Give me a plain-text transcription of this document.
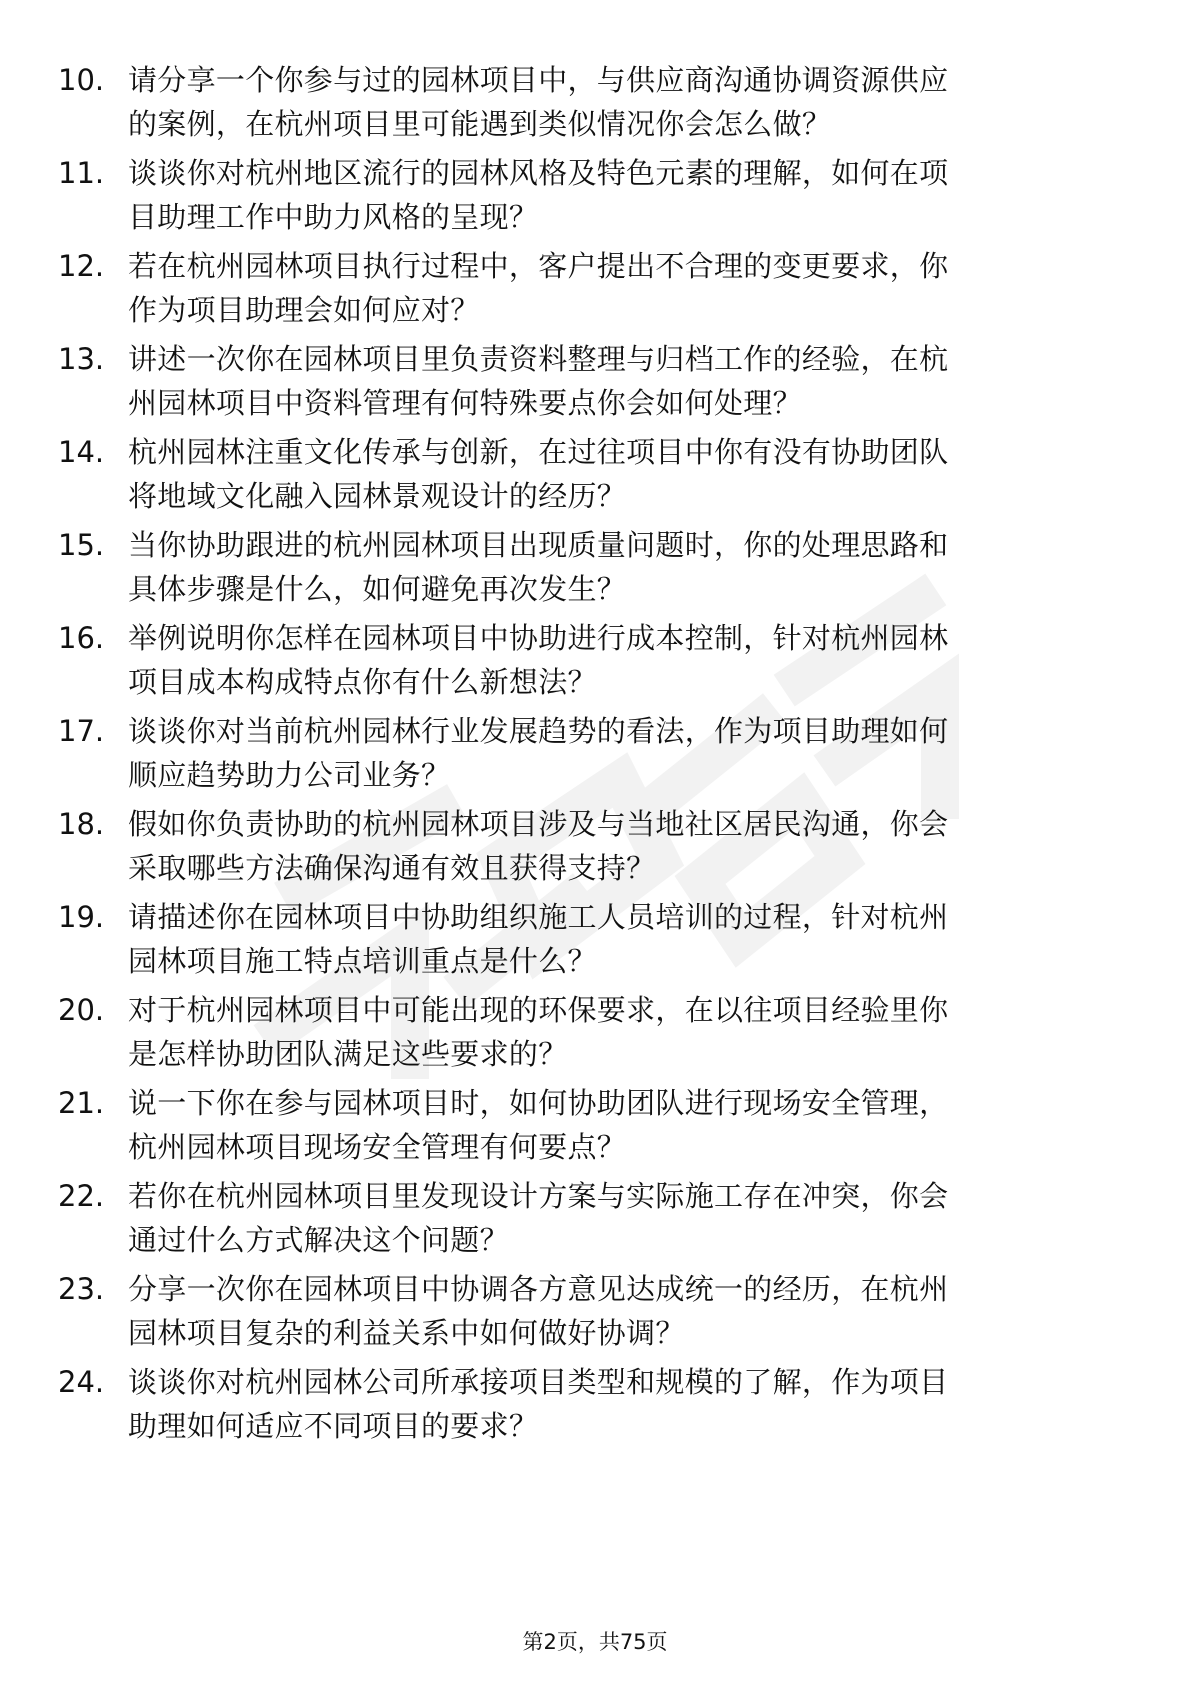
10. 请分享一个你参与过的园林项目中，与供应商沟通协调资源供应
的案例，在杭州项目里可能遇到类似情况你会怎么做？
11. 谈谈你对杭州地区流行的园林风格及特色元素的理解，如何在项
目助理工作中助力风格的呈现？
12. 若在杭州园林项目执行过程中，客户提出不合理的变更要求，你
作为项目助理会如何应对？
13. 讲述一次你在园林项目里负责资料整理与归档工作的经验，在杭
州园林项目中资料管理有何特殊要点你会如何处理？
14. 杭州园林注重文化传承与创新，在过往项目中你有没有协助团队
将地域文化融入园林景观设计的经历？
15. 当你协助跟进的杭州园林项目出现质量问题时，你的处理思路和
具体步骤是什么，如何避免再次发生？
16. 举例说明你怎样在园林项目中协助进行成本控制，针对杭州园林
项目成本构成特点你有什么新想法？
17. 谈谈你对当前杭州园林行业发展趋势的看法，作为项目助理如何
顺应趋势助力公司业务？
18. 假如你负责协助的杭州园林项目涉及与当地社区居民沟通，你会
采取哪些方法确保沟通有效且获得支持？
19. 请描述你在园林项目中协助组织施工人员培训的过程，针对杭州
园林项目施工特点培训重点是什么？
20. 对于杭州园林项目中可能出现的环保要求，在以往项目经验里你
是怎样协助团队满足这些要求的？
21. 说一下你在参与园林项目时，如何协助团队进行现场安全管理，
杭州园林项目现场安全管理有何要点？
22. 若你在杭州园林项目里发现设计方案与实际施工存在冲突，你会
通过什么方式解决这个问题？
23. 分享一次你在园林项目中协调各方意见达成统一的经历，在杭州
园林项目复杂的利益关系中如何做好协调？
24. 谈谈你对杭州园林公司所承接项目类型和规模的了解，作为项目
助理如何适应不同项目的要求？
第2页，共75页
